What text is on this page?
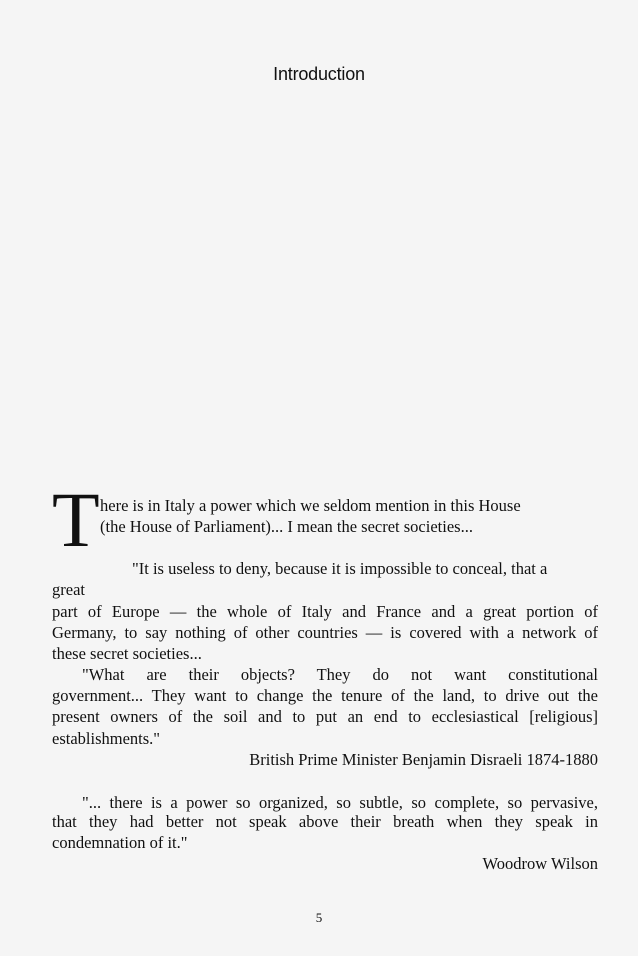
Introduction
T here is in Italy a power which we seldom mention in this House
(the House of Parliament)... I mean the secret societies...
"It is useless to deny, because it is impossible to conceal, that a
great
part of Europe — the whole of Italy and France and a great portion of
Germany, to say nothing of other countries — is covered with a network of
these secret societies...
"What are their objects? They do not want constitutional
government... They want to change the tenure of the land, to drive out the
present owners of the soil and to put an end to ecclesiastical [religious]
establishments."
British Prime Minister Benjamin Disraeli 1874-1880
"... there is a power so organized, so subtle, so complete, so pervasive,
that they had better not speak above their breath when they speak in
condemnation of it."
Woodrow Wilson
5
